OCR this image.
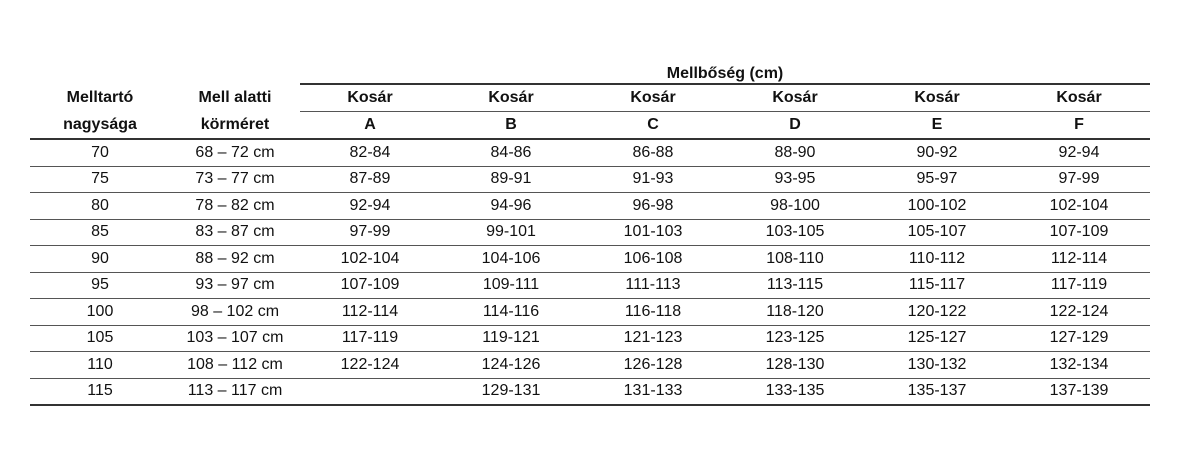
		Mellbőség (cm)					
Melltartó	Mell alatti	Kosár	Kosár	Kosár	Kosár	Kosár	Kosár
nagysága	körméret	A	B	C	D	E	F
70	68 – 72 cm	82-84	84-86	86-88	88-90	90-92	92-94
75	73 – 77 cm	87-89	89-91	91-93	93-95	95-97	97-99
80	78 – 82 cm	92-94	94-96	96-98	98-100	100-102	102-104
85	83 – 87 cm	97-99	99-101	101-103	103-105	105-107	107-109
90	88 – 92 cm	102-104	104-106	106-108	108-110	110-112	112-114
95	93 – 97 cm	107-109	109-111	111-113	113-115	115-117	117-119
100	98 – 102 cm	112-114	114-116	116-118	118-120	120-122	122-124
105	103 – 107 cm	117-119	119-121	121-123	123-125	125-127	127-129
110	108 – 112 cm	122-124	124-126	126-128	128-130	130-132	132-134
115	113 – 117 cm		129-131	131-133	133-135	135-137	137-139
